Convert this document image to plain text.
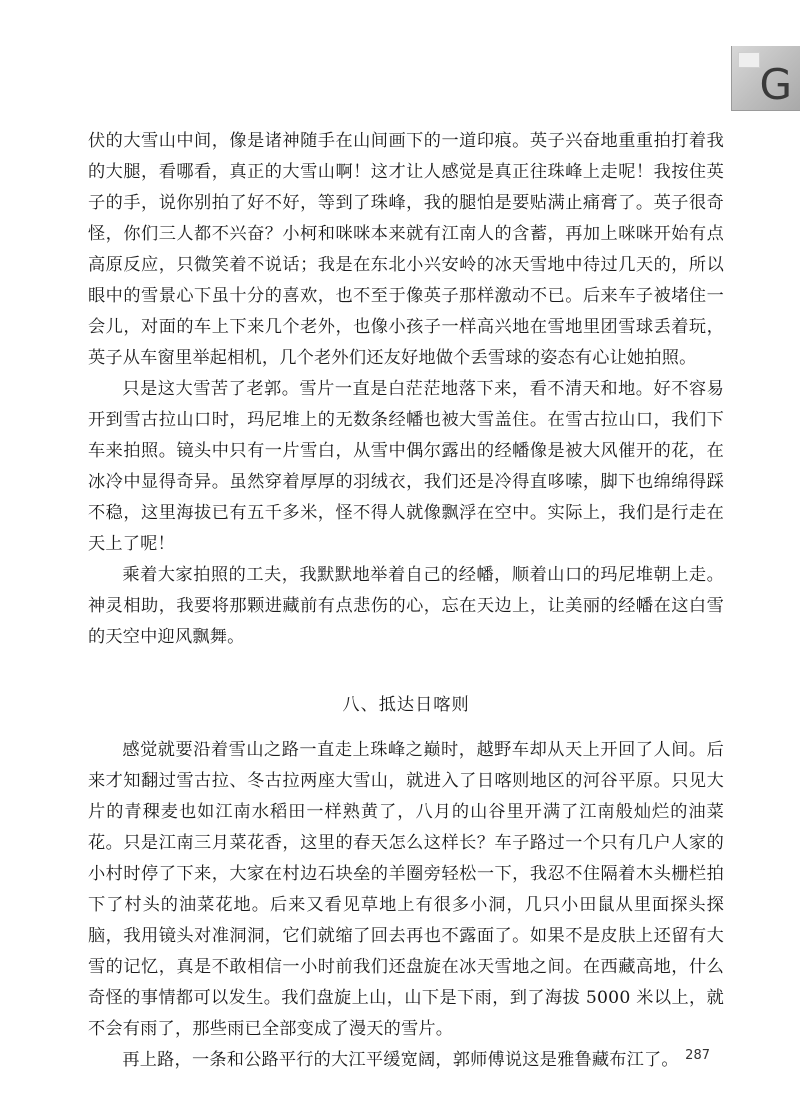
G

伏的大雪山中间，像是诸神随手在山间画下的一道印痕。英子兴奋地重重拍打着我的大腿，看哪看，真正的大雪山啊！这才让人感觉是真正往珠峰上走呢！我按住英子的手，说你别拍了好不好，等到了珠峰，我的腿怕是要贴满止痛膏了。英子很奇怪，你们三人都不兴奋？小柯和咪咪本来就有江南人的含蓄，再加上咪咪开始有点高原反应，只微笑着不说话；我是在东北小兴安岭的冰天雪地中待过几天的，所以眼中的雪景心下虽十分的喜欢，也不至于像英子那样激动不已。后来车子被堵住一会儿，对面的车上下来几个老外，也像小孩子一样高兴地在雪地里团雪球丢着玩，英子从车窗里举起相机，几个老外们还友好地做个丢雪球的姿态有心让她拍照。

只是这大雪苦了老郭。雪片一直是白茫茫地落下来，看不清天和地。好不容易开到雪古拉山口时，玛尼堆上的无数条经幡也被大雪盖住。在雪古拉山口，我们下车来拍照。镜头中只有一片雪白，从雪中偶尔露出的经幡像是被大风催开的花，在冰冷中显得奇异。虽然穿着厚厚的羽绒衣，我们还是冷得直哆嗦，脚下也绵绵得踩不稳，这里海拔已有五千多米，怪不得人就像飘浮在空中。实际上，我们是行走在天上了呢！

乘着大家拍照的工夫，我默默地举着自己的经幡，顺着山口的玛尼堆朝上走。神灵相助，我要将那颗进藏前有点悲伤的心，忘在天边上，让美丽的经幡在这白雪的天空中迎风飘舞。

八、抵达日喀则

感觉就要沿着雪山之路一直走上珠峰之巅时，越野车却从天上开回了人间。后来才知翻过雪古拉、冬古拉两座大雪山，就进入了日喀则地区的河谷平原。只见大片的青稞麦也如江南水稻田一样熟黄了，八月的山谷里开满了江南般灿烂的油菜花。只是江南三月菜花香，这里的春天怎么这样长？车子路过一个只有几户人家的小村时停了下来，大家在村边石块垒的羊圈旁轻松一下，我忍不住隔着木头栅栏拍下了村头的油菜花地。后来又看见草地上有很多小洞，几只小田鼠从里面探头探脑，我用镜头对准洞洞，它们就缩了回去再也不露面了。如果不是皮肤上还留有大雪的记忆，真是不敢相信一小时前我们还盘旋在冰天雪地之间。在西藏高地，什么奇怪的事情都可以发生。我们盘旋上山，山下是下雨，到了海拔 5000 米以上，就不会有雨了，那些雨已全部变成了漫天的雪片。

再上路，一条和公路平行的大江平缓宽阔，郭师傅说这是雅鲁藏布江了。 287
